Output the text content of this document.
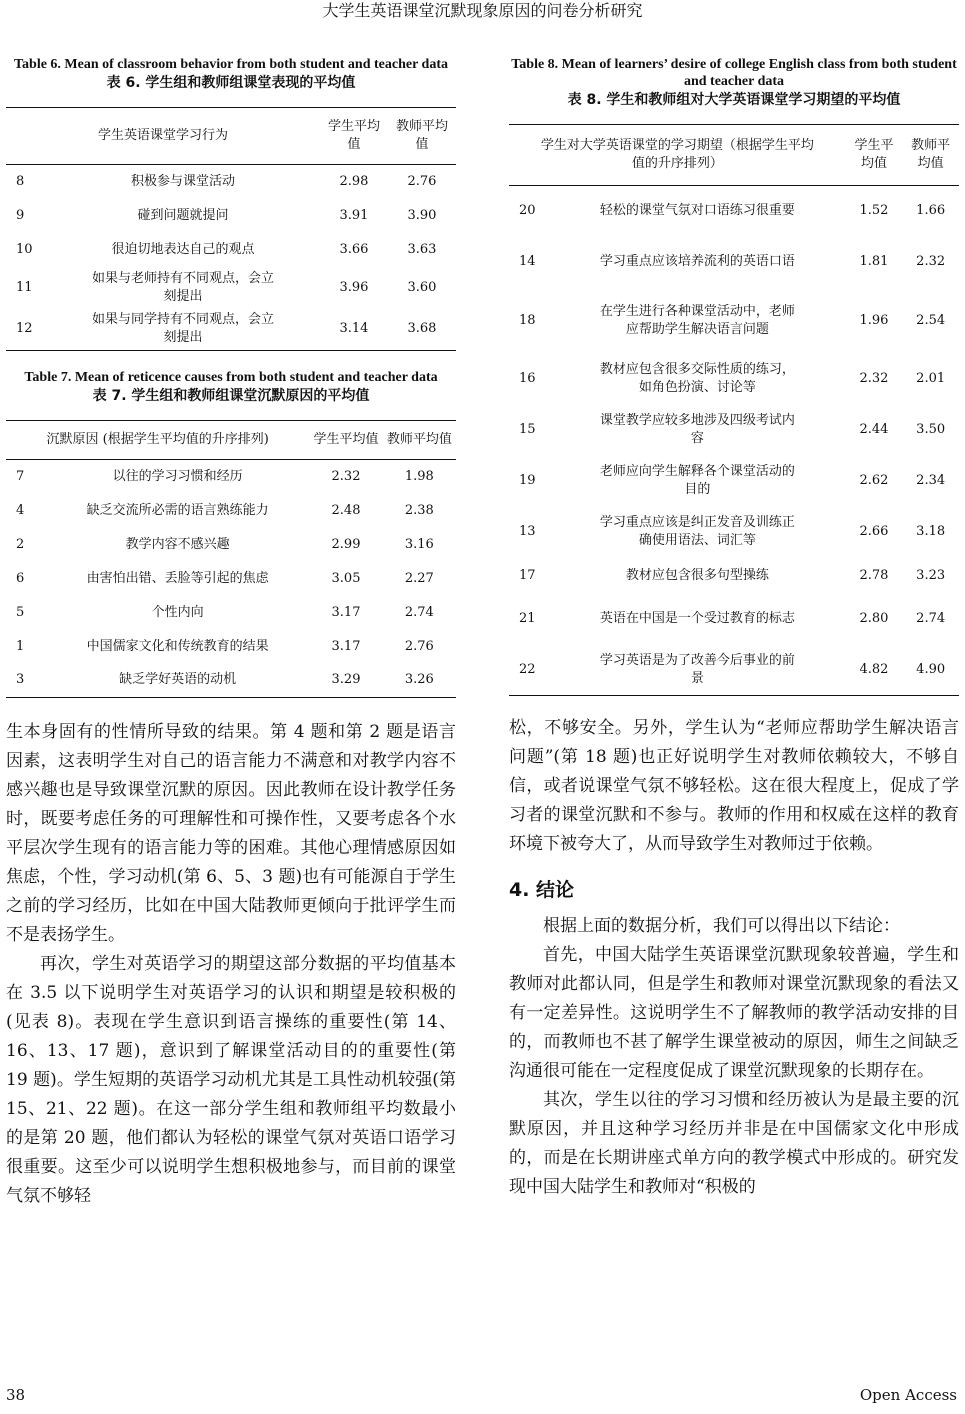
大学生英语课堂沉默现象原因的问卷分析研究
Table 6. Mean of classroom behavior from both student and teacher data
表 6. 学生组和教师组课堂表现的平均值
学生英语课堂学习行为		学生平均值	教师平均值
8	积极参与课堂活动	2.98	2.76
9	碰到问题就提问	3.91	3.90
10	很迫切地表达自己的观点	3.66	3.63
11	如果与老师持有不同观点，会立刻提出	3.96	3.60
12	如果与同学持有不同观点，会立刻提出	3.14	3.68
Table 7. Mean of reticence causes from both student and teacher data
表 7. 学生组和教师组课堂沉默原因的平均值
沉默原因 (根据学生平均值的升序排列)		学生平均值	教师平均值
7	以往的学习习惯和经历	2.32	1.98
4	缺乏交流所必需的语言熟练能力	2.48	2.38
2	教学内容不感兴趣	2.99	3.16
6	由害怕出错、丢脸等引起的焦虑	3.05	2.27
5	个性内向	3.17	2.74
1	中国儒家文化和传统教育的结果	3.17	2.76
3	缺乏学好英语的动机	3.29	3.26

生本身固有的性情所导致的结果。第 4 题和第 2 题是语言因素，这表明学生对自己的语言能力不满意和对教学内容不感兴趣也是导致课堂沉默的原因。因此教师在设计教学任务时，既要考虑任务的可理解性和可操作性，又要考虑各个水平层次学生现有的语言能力等的困难。其他心理情感原因如焦虑，个性，学习动机(第 6、5、3 题)也有可能源自于学生之前的学习经历，比如在中国大陆教师更倾向于批评学生而不是表扬学生。

再次，学生对英语学习的期望这部分数据的平均值基本在 3.5 以下说明学生对英语学习的认识和期望是较积极的(见表 8)。表现在学生意识到语言操练的重要性(第 14、16、13、17 题)，意识到了解课堂活动目的的重要性(第 19 题)。学生短期的英语学习动机尤其是工具性动机较强(第 15、21、22 题)。在这一部分学生组和教师组平均数最小的是第 20 题，他们都认为轻松的课堂气氛对英语口语学习很重要。这至少可以说明学生想积极地参与，而目前的课堂气氛不够轻

Table 8. Mean of learners’ desire of college English class from both student and teacher data
表 8. 学生和教师组对大学英语课堂学习期望的平均值
学生对大学英语课堂的学习期望（根据学生平均值的升序排列）		学生平均值	教师平均值
20	轻松的课堂气氛对口语练习很重要	1.52	1.66
14	学习重点应该培养流利的英语口语	1.81	2.32
18	在学生进行各种课堂活动中，老师应帮助学生解决语言问题	1.96	2.54
16	教材应包含很多交际性质的练习，如角色扮演、讨论等	2.32	2.01
15	课堂教学应较多地涉及四级考试内容	2.44	3.50
19	老师应向学生解释各个课堂活动的目的	2.62	2.34
13	学习重点应该是纠正发音及训练正确使用语法、词汇等	2.66	3.18
17	教材应包含很多句型操练	2.78	3.23
21	英语在中国是一个受过教育的标志	2.80	2.74
22	学习英语是为了改善今后事业的前景	4.82	4.90

松，不够安全。另外，学生认为“老师应帮助学生解决语言问题”(第 18 题)也正好说明学生对教师依赖较大，不够自信，或者说课堂气氛不够轻松。这在很大程度上，促成了学习者的课堂沉默和不参与。教师的作用和权威在这样的教育环境下被夸大了，从而导致学生对教师过于依赖。

4. 结论

根据上面的数据分析，我们可以得出以下结论：

首先，中国大陆学生英语课堂沉默现象较普遍，学生和教师对此都认同，但是学生和教师对课堂沉默现象的看法又有一定差异性。这说明学生不了解教师的教学活动安排的目的，而教师也不甚了解学生课堂被动的原因，师生之间缺乏沟通很可能在一定程度促成了课堂沉默现象的长期存在。

其次，学生以往的学习习惯和经历被认为是最主要的沉默原因，并且这种学习经历并非是在中国儒家文化中形成的，而是在长期讲座式单方向的教学模式中形成的。研究发现中国大陆学生和教师对“积极的

38	Open Access
